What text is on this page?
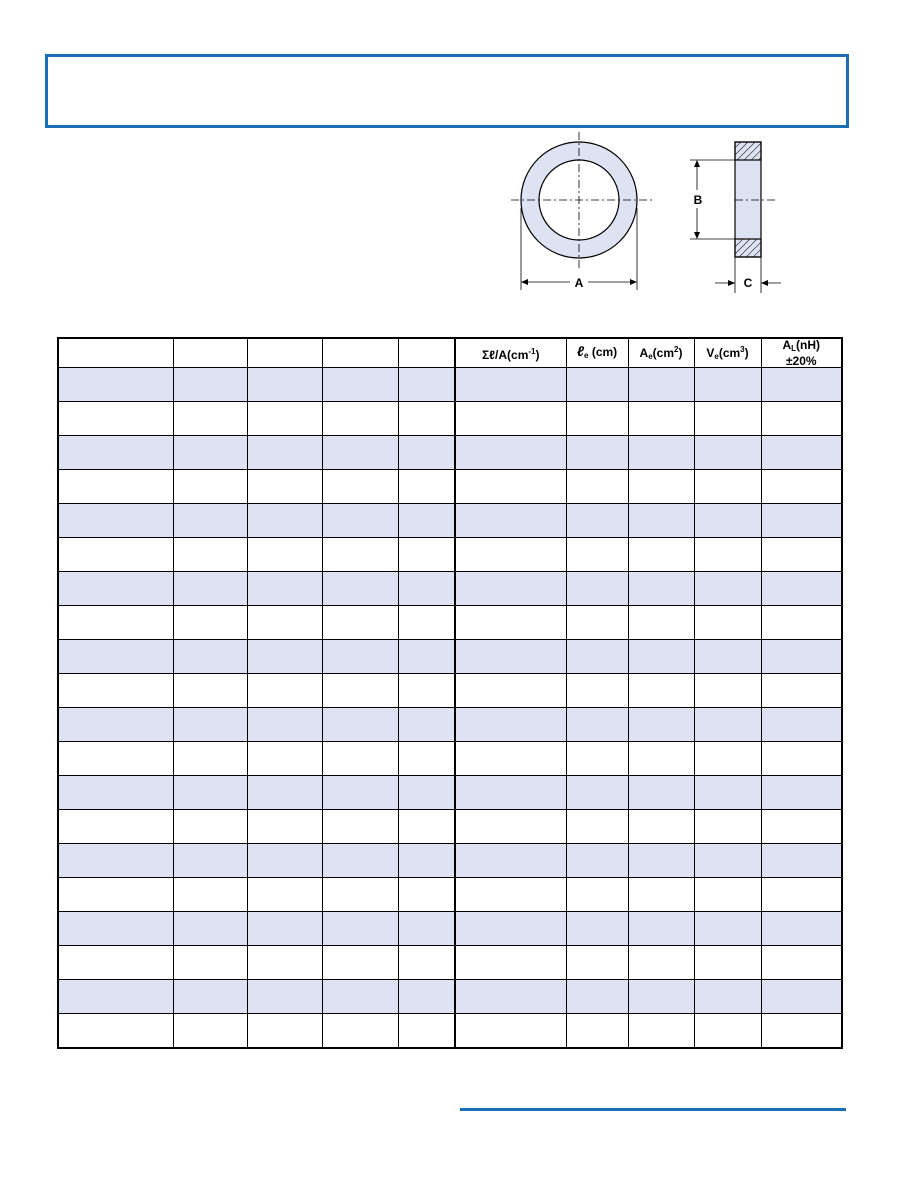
A
B
C
					$\Sigma\ell/A(cm^{-1})$	ℓ$_e$ (cm)	$A_e(cm^2)$	$V_e(cm^3)$	$A_L(nH)$
±20%
